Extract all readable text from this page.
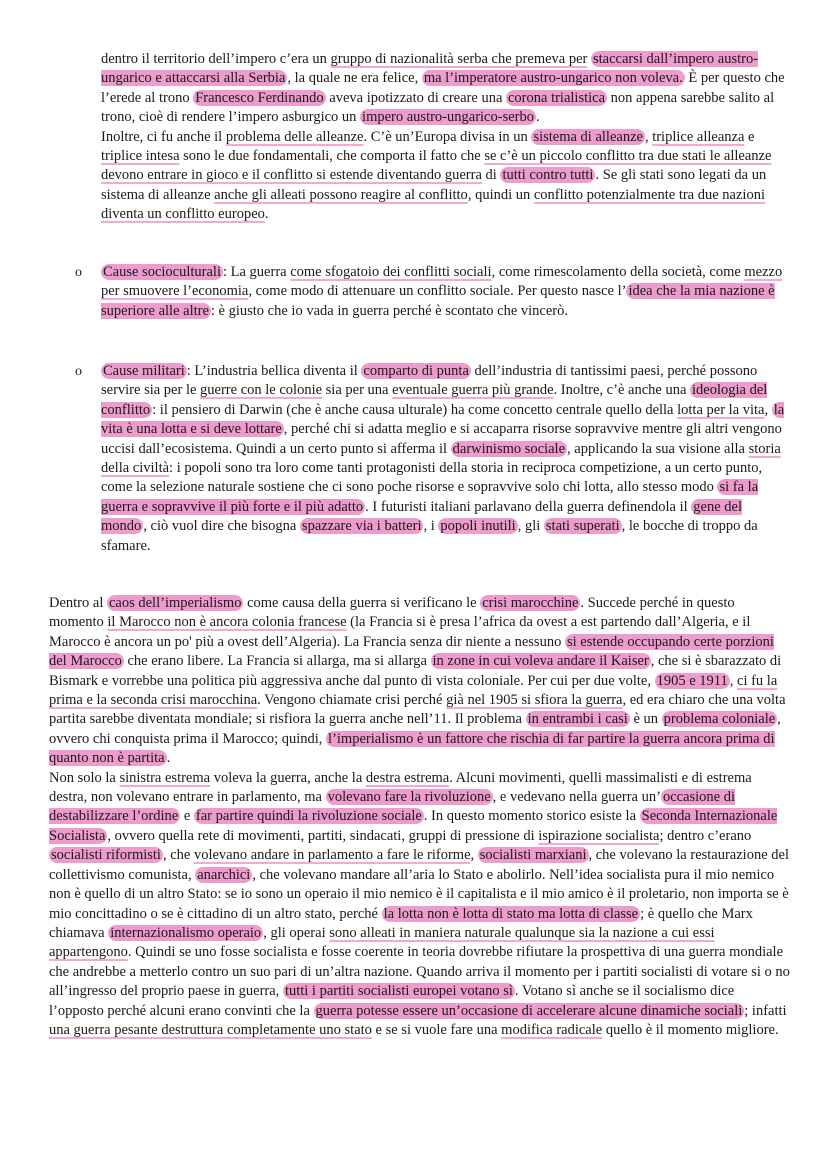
dentro il territorio dell’impero c’era un gruppo di nazionalità serba che premeva per staccarsi dall’impero austro-ungarico e attaccarsi alla Serbia , la quale ne era felice, ma l’imperatore austro-ungarico non voleva. È per questo che l’erede al trono Francesco Ferdinando aveva ipotizzato di creare una corona trialistica non appena sarebbe salito al trono, cioè di rendere l’impero asburgico un impero austro-ungarico-serbo .

Inoltre, ci fu anche il problema delle alleanze. C’è un’Europa divisa in un sistema di alleanze , triplice alleanza e triplice intesa sono le due fondamentali, che comporta il fatto che se c’è un piccolo conflitto tra due stati le alleanze devono entrare in gioco e il conflitto si estende diventando guerra di tutti contro tutti . Se gli stati sono legati da un sistema di alleanze anche gli alleati possono reagire al conflitto, quindi un conflitto potenzialmente tra due nazioni diventa un conflitto europeo.

o Cause socioculturali : La guerra come sfogatoio dei conflitti sociali, come rimescolamento della società, come mezzo per smuovere l’economia, come modo di attenuare un conflitto sociale. Per questo nasce l’ idea che la mia nazione è superiore alle altre : è giusto che io vada in guerra perché è scontato che vincerò.

o Cause militari : L’industria bellica diventa il comparto di punta dell’industria di tantissimi paesi, perché possono servire sia per le guerre con le colonie sia per una eventuale guerra più grande. Inoltre, c’è anche una ideologia del conflitto : il pensiero di Darwin (che è anche causa ulturale) ha come concetto centrale quello della lotta per la vita, la vita è una lotta e si deve lottare , perché chi si adatta meglio e si accaparra risorse sopravvive mentre gli altri vengono uccisi dall’ecosistema. Quindi a un certo punto si afferma il darwinismo sociale , applicando la sua visione alla storia della civiltà: i popoli sono tra loro come tanti protagonisti della storia in reciproca competizione, a un certo punto, come la selezione naturale sostiene che ci sono poche risorse e sopravvive solo chi lotta, allo stesso modo si fa la guerra e sopravvive il più forte e il più adatto . I futuristi italiani parlavano della guerra definendola il gene del mondo , ciò vuol dire che bisogna spazzare via i batteri , i popoli inutili , gli stati superati , le bocche di troppo da sfamare.

Dentro al caos dell’imperialismo come causa della guerra si verificano le crisi marocchine . Succede perché in questo momento il Marocco non è ancora colonia francese (la Francia si è presa l’africa da ovest a est partendo dall’Algeria, e il Marocco è ancora un po' più a ovest dell’Algeria). La Francia senza dir niente a nessuno si estende occupando certe porzioni del Marocco che erano libere. La Francia si allarga, ma si allarga in zone in cui voleva andare il Kaiser , che si è sbarazzato di Bismark e vorrebbe una politica più aggressiva anche dal punto di vista coloniale. Per cui per due volte, 1905 e 1911 , ci fu la prima e la seconda crisi marocchina. Vengono chiamate crisi perché già nel 1905 si sfiora la guerra, ed era chiaro che una volta partita sarebbe diventata mondiale; si risfiora la guerra anche nell’11. Il problema in entrambi i casi è un problema coloniale , ovvero chi conquista prima il Marocco; quindi, l’imperialismo è un fattore che rischia di far partire la guerra ancora prima di quanto non è partita .

Non solo la sinistra estrema voleva la guerra, anche la destra estrema. Alcuni movimenti, quelli massimalisti e di estrema destra, non volevano entrare in parlamento, ma volevano fare la rivoluzione , e vedevano nella guerra un’ occasione di destabilizzare l’ordine e far partire quindi la rivoluzione sociale . In questo momento storico esiste la Seconda Internazionale Socialista , ovvero quella rete di movimenti, partiti, sindacati, gruppi di pressione di ispirazione socialista; dentro c’erano socialisti riformisti , che volevano andare in parlamento a fare le riforme, socialisti marxiani , che volevano la restaurazione del collettivismo comunista, anarchici , che volevano mandare all’aria lo Stato e abolirlo. Nell’idea socialista pura il mio nemico non è quello di un altro Stato: se io sono un operaio il mio nemico è il capitalista e il mio amico è il proletario, non importa se è mio concittadino o se è cittadino di un altro stato, perché la lotta non è lotta di stato ma lotta di classe ; è quello che Marx chiamava internazionalismo operaio , gli operai sono alleati in maniera naturale qualunque sia la nazione a cui essi appartengono. Quindi se uno fosse socialista e fosse coerente in teoria dovrebbe rifiutare la prospettiva di una guerra mondiale che andrebbe a metterlo contro un suo pari di un’altra nazione. Quando arriva il momento per i partiti socialisti di votare si o no all’ingresso del proprio paese in guerra, tutti i partiti socialisti europei votano sì . Votano sì anche se il socialismo dice l’opposto perché alcuni erano convinti che la guerra potesse essere un’occasione di accelerare alcune dinamiche sociali ; infatti una guerra pesante destruttura completamente uno stato e se si vuole fare una modifica radicale quello è il momento migliore.
